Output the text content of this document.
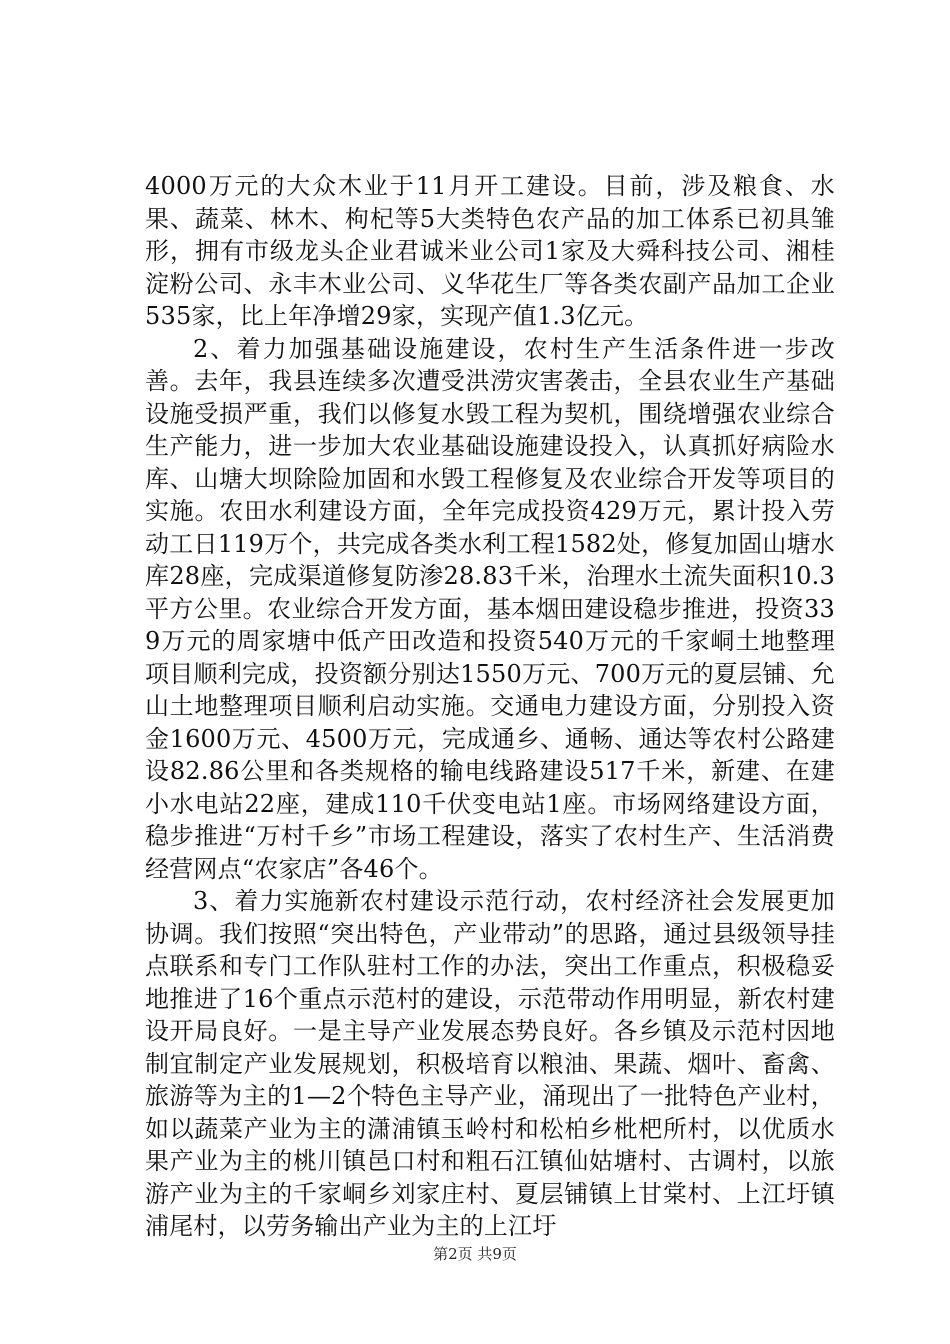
4000万元的大众木业于11月开工建设。目前，涉及粮食、水果、蔬菜、林木、枸杞等5大类特色农产品的加工体系已初具雏形，拥有市级龙头企业君诚米业公司1家及大舜科技公司、湘桂淀粉公司、永丰木业公司、义华花生厂等各类农副产品加工企业535家，比上年净增29家，实现产值1.3亿元。

2、着力加强基础设施建设，农村生产生活条件进一步改善。去年，我县连续多次遭受洪涝灾害袭击，全县农业生产基础设施受损严重，我们以修复水毁工程为契机，围绕增强农业综合生产能力，进一步加大农业基础设施建设投入，认真抓好病险水库、山塘大坝除险加固和水毁工程修复及农业综合开发等项目的实施。农田水利建设方面，全年完成投资429万元，累计投入劳动工日119万个，共完成各类水利工程1582处，修复加固山塘水库28座，完成渠道修复防渗28.83千米，治理水土流失面积10.3平方公里。农业综合开发方面，基本烟田建设稳步推进，投资339万元的周家塘中低产田改造和投资540万元的千家峒土地整理项目顺利完成，投资额分别达1550万元、700万元的夏层铺、允山土地整理项目顺利启动实施。交通电力建设方面，分别投入资金1600万元、4500万元，完成通乡、通畅、通达等农村公路建设82.86公里和各类规格的输电线路建设517千米，新建、在建小水电站22座，建成110千伏变电站1座。市场网络建设方面，稳步推进“万村千乡”市场工程建设，落实了农村生产、生活消费经营网点“农家店”各46个。

3、着力实施新农村建设示范行动，农村经济社会发展更加协调。我们按照“突出特色，产业带动”的思路，通过县级领导挂点联系和专门工作队驻村工作的办法，突出工作重点，积极稳妥地推进了16个重点示范村的建设，示范带动作用明显，新农村建设开局良好。一是主导产业发展态势良好。各乡镇及示范村因地制宜制定产业发展规划，积极培育以粮油、果蔬、烟叶、畜禽、旅游等为主的1—2个特色主导产业，涌现出了一批特色产业村，如以蔬菜产业为主的潇浦镇玉岭村和松柏乡枇杷所村，以优质水果产业为主的桃川镇邑口村和粗石江镇仙姑塘村、古调村，以旅游产业为主的千家峒乡刘家庄村、夏层铺镇上甘棠村、上江圩镇浦尾村，以劳务输出产业为主的上江圩

第2页 共9页
